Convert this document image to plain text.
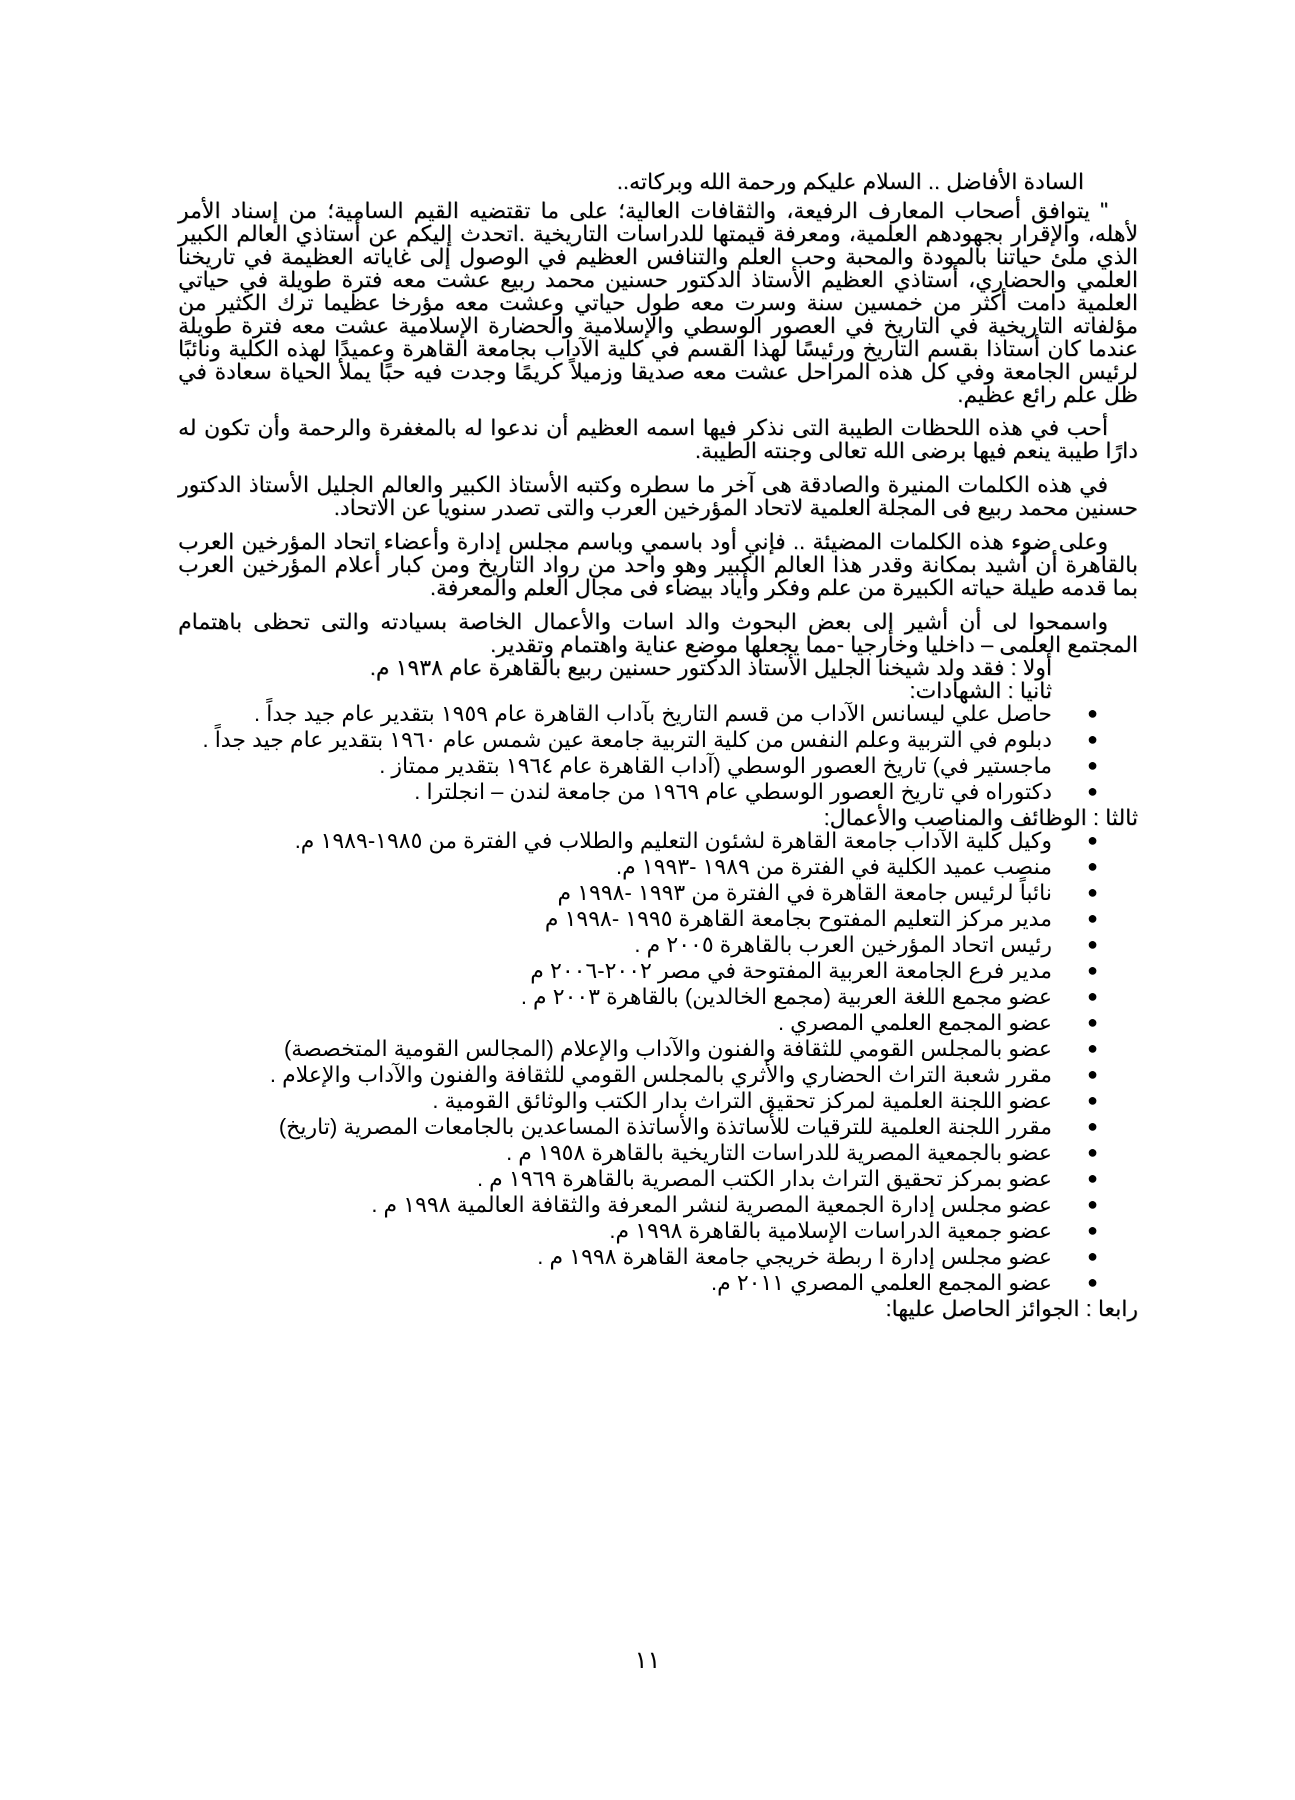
السادة الأفاضل .. السلام عليكم ورحمة الله وبركاته..

" يتوافق أصحاب المعارف الرفيعة، والثقافات العالية؛ على ما تقتضيه القيم السامية؛ من إسناد الأمر لأهله، والإقرار بجهودهم العلمية، ومعرفة قيمتها للدراسات التاريخية .اتحدث إليكم عن أستاذي العالم الكبير الذي ملئ حياتنا بالمودة والمحبة وحب العلم والتنافس العظيم في الوصول إلى غاياته العظيمة في تاريخنا العلمي والحضاري، أستاذي العظيم الأستاذ الدكتور حسنين محمد ربيع عشت معه فترة طويلة في حياتي العلمية دامت أكثر من خمسين سنة وسرت معه طول حياتي وعشت معه مؤرخا عظيما ترك الكثير من مؤلفاته التاريخية في التاريخ في العصور الوسطي والإسلامية والحضارة الإسلامية عشت معه فترة طويلة عندما كان أستاذا بقسم التاريخ ورئيسًا لهذا القسم في كلية الآداب بجامعة القاهرة وعميدًا لهذه الكلية ونائبًا لرئيس الجامعة وفي كل هذه المراحل عشت معه صديقا وزميلاً كريمًا وجدت فيه حبًا يملأ الحياة سعادة في ظل علم رائع عظيم.

أحب في هذه اللحظات الطيبة التى نذكر فيها اسمه العظيم أن ندعوا له بالمغفرة والرحمة وأن تكون له دارًا طيبة ينعم فيها برضى الله تعالى وجنته الطيبة.

في هذه الكلمات المنيرة والصادقة هى آخر ما سطره وكتبه الأستاذ الكبير والعالم الجليل الأستاذ الدكتور حسنين محمد ربيع فى المجلة العلمية لاتحاد المؤرخين العرب والتى تصدر سنويا عن الاتحاد.

وعلى ضوء هذه الكلمات المضيئة .. فإني أود باسمي وباسم مجلس إدارة وأعضاء اتحاد المؤرخين العرب بالقاهرة أن أشيد بمكانة وقدر هذا العالم الكبير وهو واحد من رواد التاريخ ومن كبار أعلام المؤرخين العرب بما قدمه طيلة حياته الكبيرة من علم وفكر وأياد بيضاء فى مجال العلم والمعرفة.

واسمحوا لى أن أشير إلى بعض البحوث والد اسات والأعمال الخاصة بسيادته والتى تحظى باهتمام المجتمع العلمى – داخليا وخارجيا -مما يجعلها موضع عناية واهتمام وتقدير.

أولا : فقد ولد شيخنا الجليل الأستاذ الدكتور حسنين ربيع بالقاهرة عام ١٩٣٨ م.

ثانيا : الشهادات:

●
حاصل علي ليسانس الآداب من قسم التاريخ بآداب القاهرة عام ١٩٥٩ بتقدير عام جيد جداً .
●
دبلوم في التربية وعلم النفس من كلية التربية جامعة عين شمس عام ١٩٦٠ بتقدير عام جيد جداً .
●
ماجستير في) تاريخ العصور الوسطي (آداب القاهرة عام ١٩٦٤ بتقدير ممتاز .
●
دكتوراه في تاريخ العصور الوسطي عام ١٩٦٩ من جامعة لندن – انجلترا .

ثالثا : الوظائف والمناصب والأعمال:

●
وكيل كلية الآداب جامعة القاهرة لشئون التعليم والطلاب في الفترة من ١٩٨٥-١٩٨٩ م.
●
منصب عميد الكلية في الفترة من ١٩٨٩ -١٩٩٣ م.
●
نائباً لرئيس جامعة القاهرة في الفترة من ١٩٩٣ -١٩٩٨ م
●
مدير مركز التعليم المفتوح بجامعة القاهرة ١٩٩٥ -١٩٩٨ م
●
رئيس اتحاد المؤرخين العرب بالقاهرة ٢٠٠٥ م .
●
مدير فرع الجامعة العربية المفتوحة في مصر ٢٠٠٢-٢٠٠٦ م
●
عضو مجمع اللغة العربية (مجمع الخالدين) بالقاهرة ٢٠٠٣ م .
●
عضو المجمع العلمي المصري .
●
عضو بالمجلس القومي للثقافة والفنون والآداب والإعلام (المجالس القومية المتخصصة)
●
مقرر شعبة التراث الحضاري والأثري بالمجلس القومي للثقافة والفنون والآداب والإعلام .
●
عضو اللجنة العلمية لمركز تحقيق التراث بدار الكتب والوثائق القومية .
●
مقرر اللجنة العلمية للترقيات للأساتذة والأساتذة المساعدين بالجامعات المصرية (تاريخ)
●
عضو بالجمعية المصرية للدراسات التاريخية بالقاهرة ١٩٥٨ م .
●
عضو بمركز تحقيق التراث بدار الكتب المصرية بالقاهرة ١٩٦٩ م .
●
عضو مجلس إدارة الجمعية المصرية لنشر المعرفة والثقافة العالمية ١٩٩٨ م .
●
عضو جمعية الدراسات الإسلامية بالقاهرة ١٩٩٨ م.
●
عضو مجلس إدارة ا ربطة خريجي جامعة القاهرة ١٩٩٨ م .
●
عضو المجمع العلمي المصري ٢٠١١ م.

رابعا : الجوائز الحاصل عليها:

١١
